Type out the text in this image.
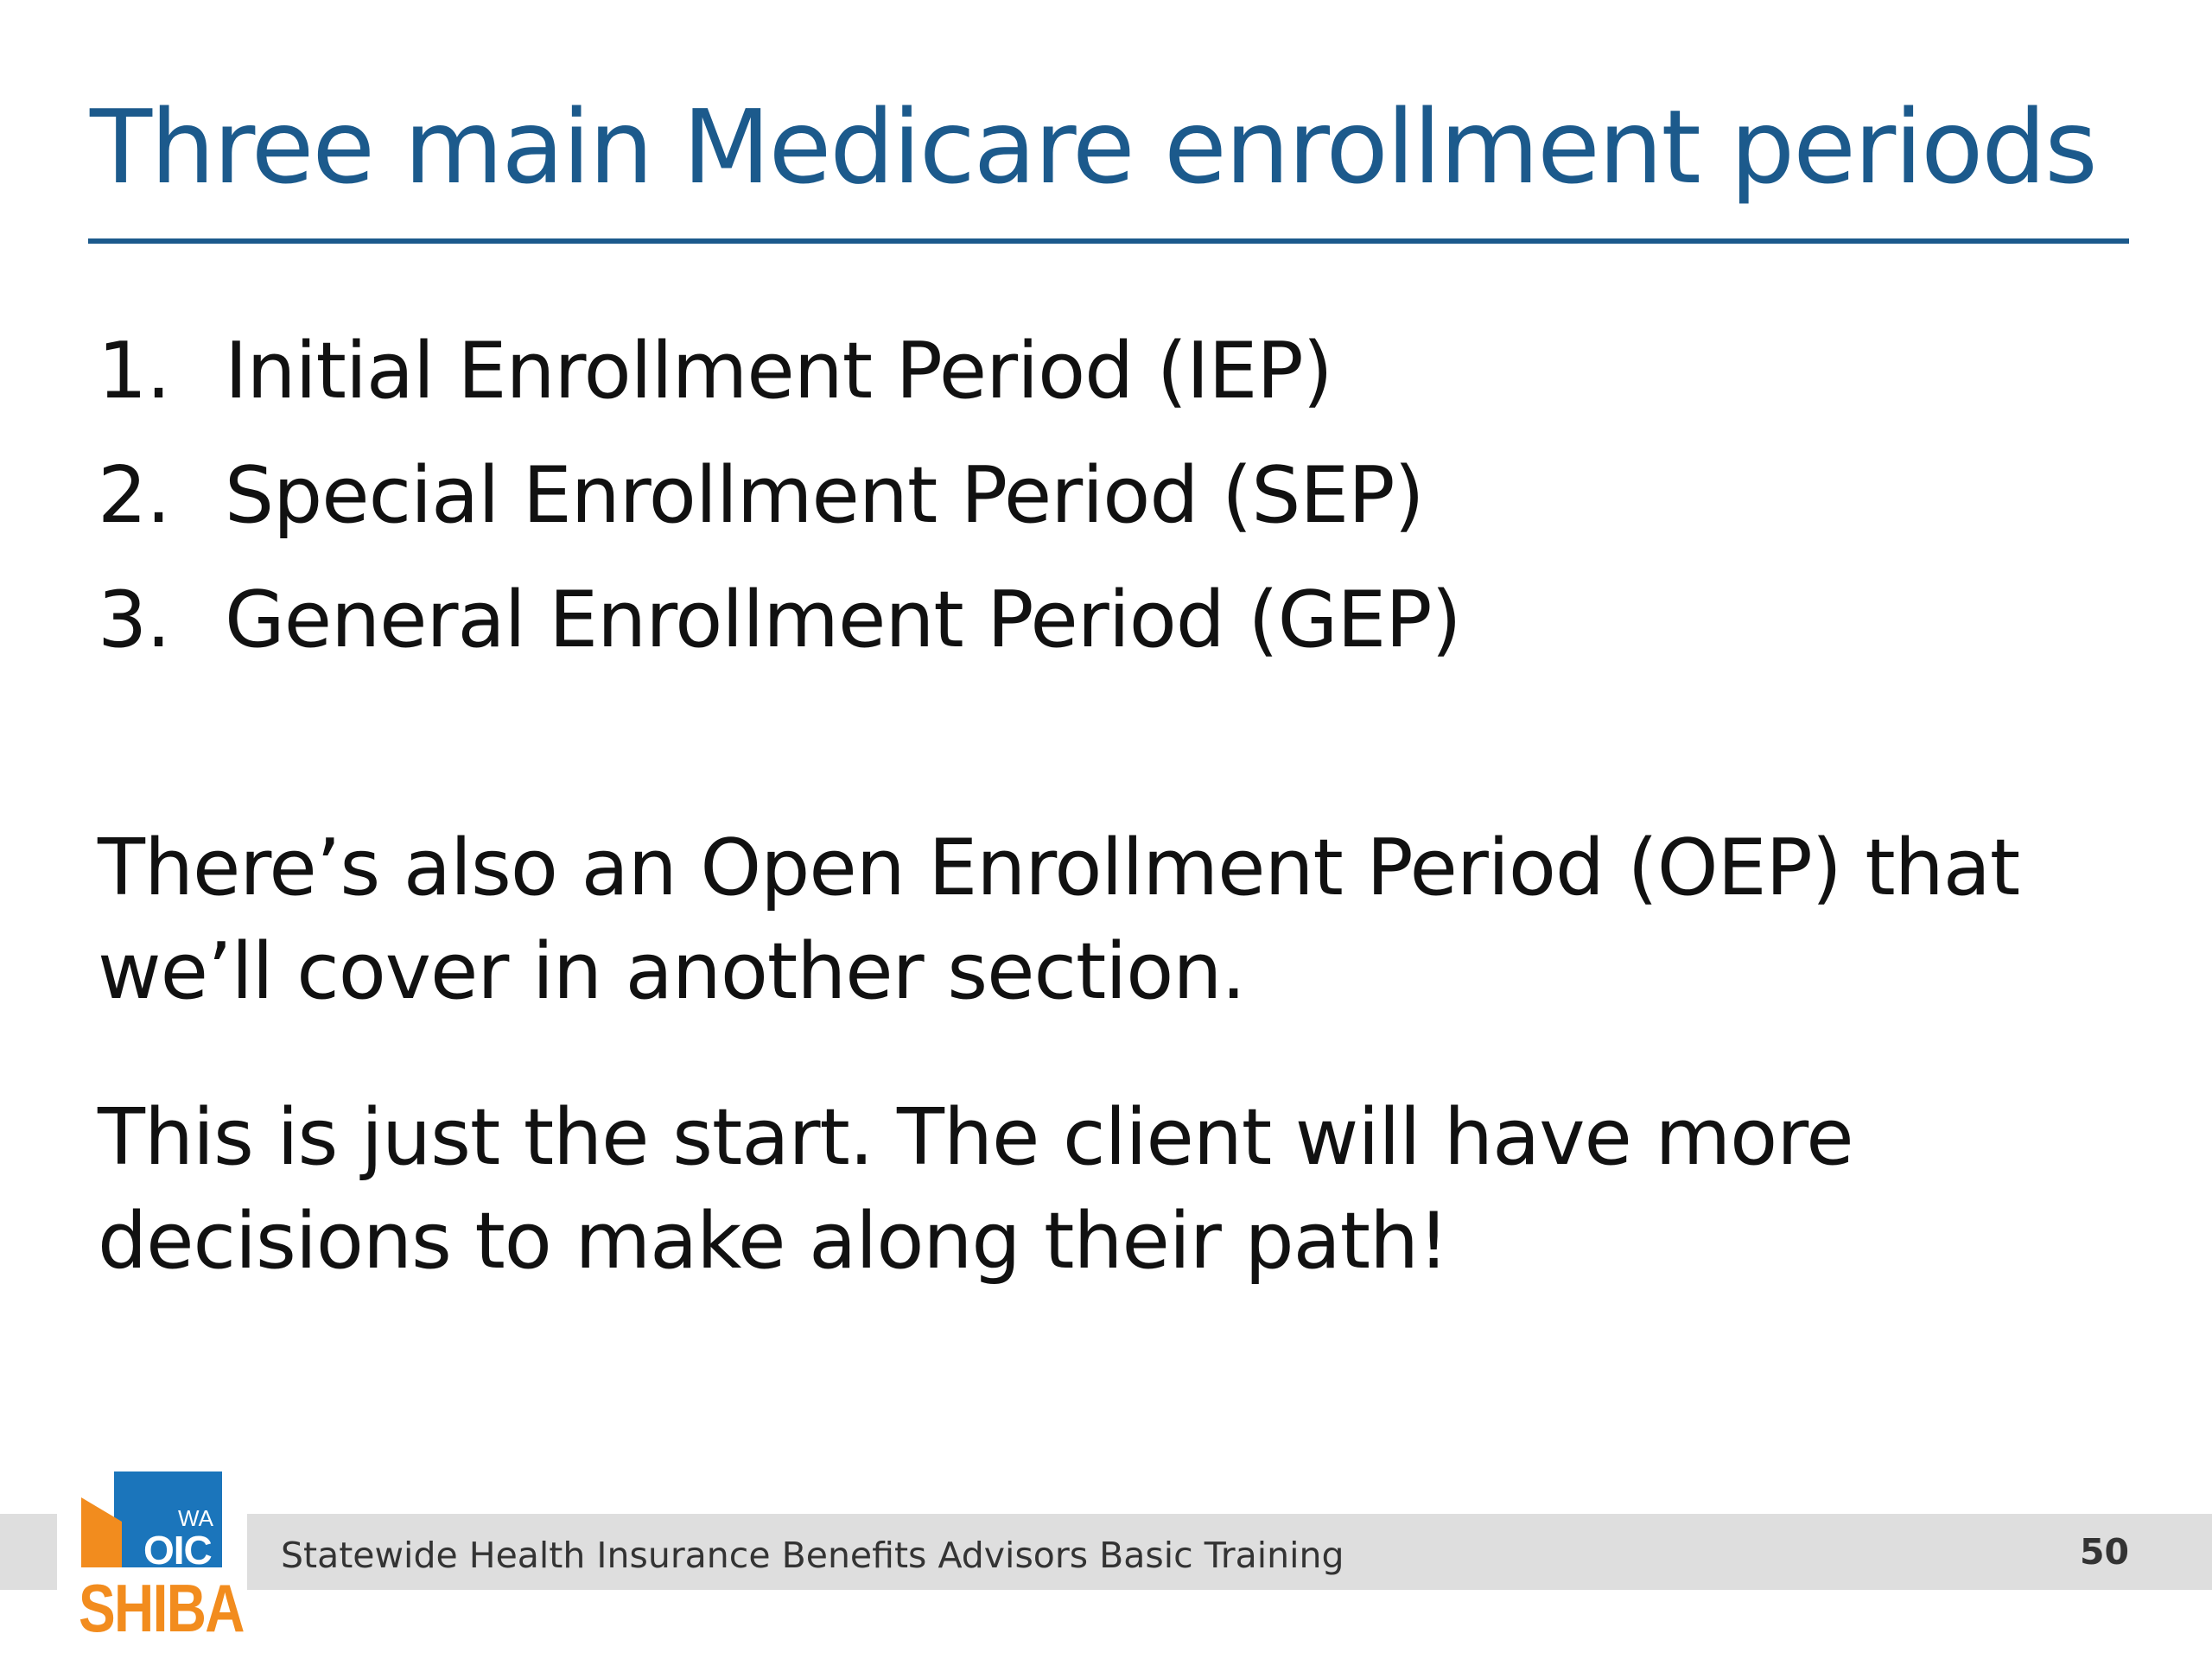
Three main Medicare enrollment periods
1. Initial Enrollment Period (IEP)
2. Special Enrollment Period (SEP)
3. General Enrollment Period (GEP)

There’s also an Open Enrollment Period (OEP) that we’ll cover in another section.

This is just the start. The client will have more decisions to make along their path!

Statewide Health Insurance Benefits Advisors Basic Training	50
WA
OIC
SHIBA
